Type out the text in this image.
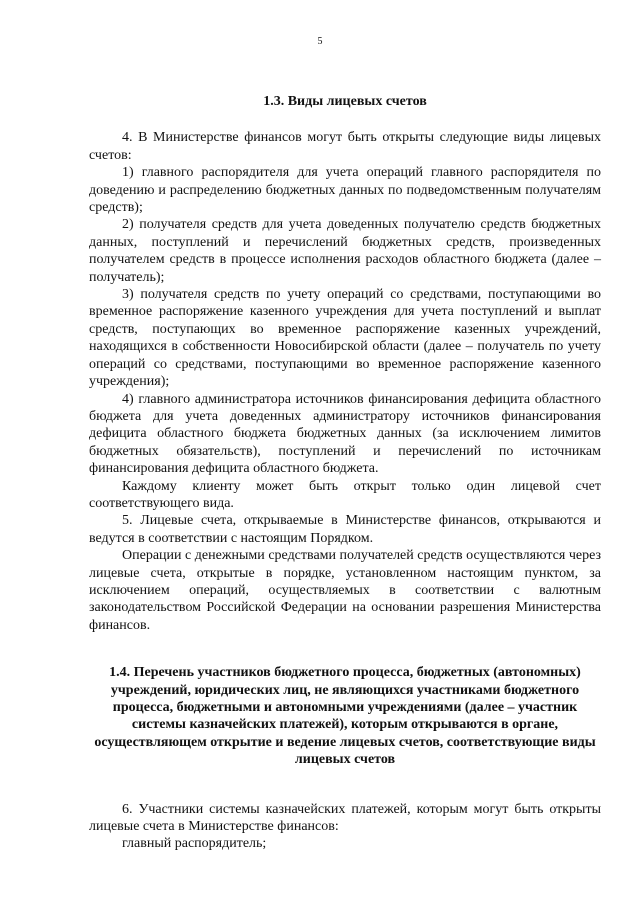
5
1.3. Виды лицевых счетов

4. В Министерстве финансов могут быть открыты следующие виды лицевых счетов:

1) главного распорядителя для учета операций главного распорядителя по доведению и распределению бюджетных данных по подведомственным получателям средств);

2) получателя средств для учета доведенных получателю средств бюджетных данных, поступлений и перечислений бюджетных средств, произведенных получателем средств в процессе исполнения расходов областного бюджета (далее – получатель);

3) получателя средств по учету операций со средствами, поступающими во временное распоряжение казенного учреждения для учета поступлений и выплат средств, поступающих во временное распоряжение казенных учреждений, находящихся в собственности Новосибирской области (далее – получатель по учету операций со средствами, поступающими во временное распоряжение казенного учреждения);

4) главного администратора источников финансирования дефицита областного бюджета для учета доведенных администратору источников финансирования дефицита областного бюджета бюджетных данных (за исключением лимитов бюджетных обязательств), поступлений и перечислений по источникам финансирования дефицита областного бюджета.

Каждому клиенту может быть открыт только один лицевой счет соответствующего вида.

5. Лицевые счета, открываемые в Министерстве финансов, открываются и ведутся в соответствии с настоящим Порядком.

Операции с денежными средствами получателей средств осуществляются через лицевые счета, открытые в порядке, установленном настоящим пунктом, за исключением операций, осуществляемых в соответствии с валютным законодательством Российской Федерации на основании разрешения Министерства финансов.

1.4. Перечень участников бюджетного процесса, бюджетных (автономных) учреждений, юридических лиц, не являющихся участниками бюджетного процесса, бюджетными и автономными учреждениями (далее – участник системы казначейских платежей), которым открываются в органе, осуществляющем открытие и ведение лицевых счетов, соответствующие виды лицевых счетов

6. Участники системы казначейских платежей, которым могут быть открыты лицевые счета в Министерстве финансов:

главный распорядитель;
